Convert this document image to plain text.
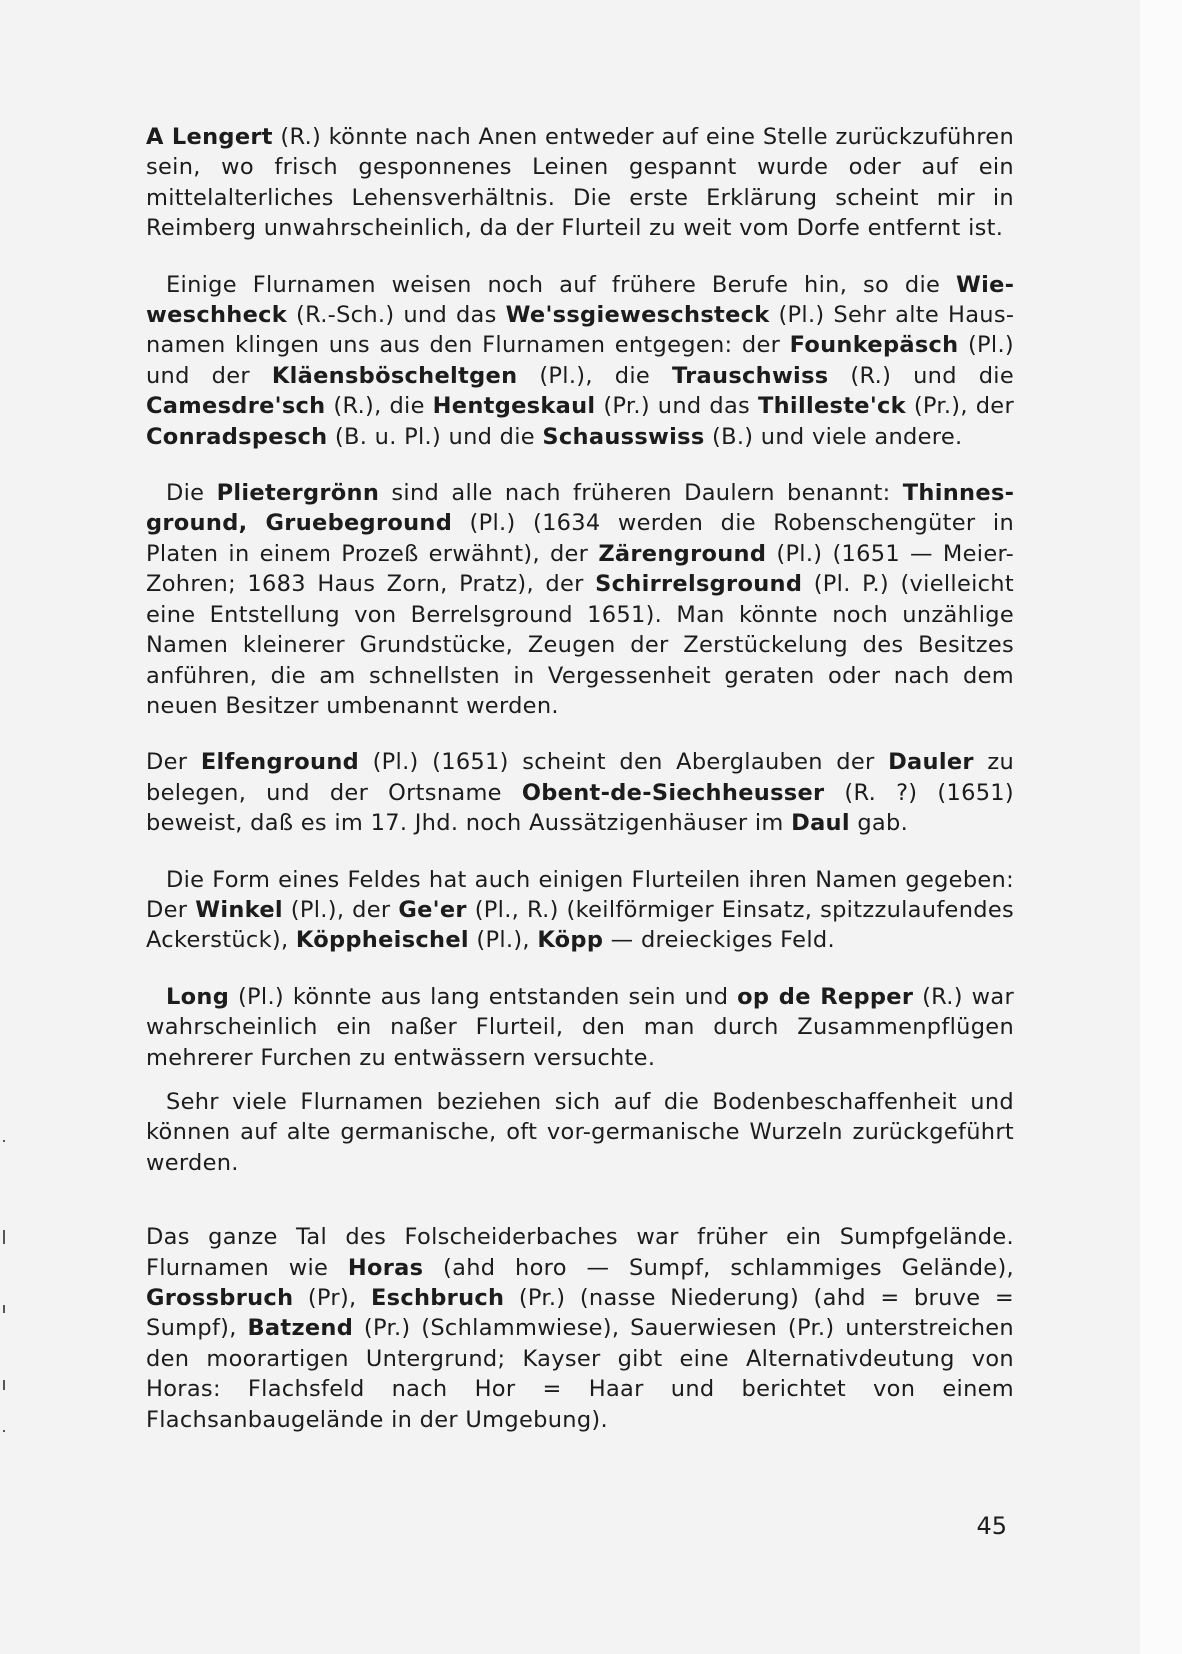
A Lengert (R.) könnte nach Anen entweder auf eine Stelle zurückzuführen sein, wo frisch gesponnenes Leinen gespannt wurde oder auf ein mittelalterliches Lehensverhältnis. Die erste Erklärung scheint mir in Reimberg unwahrscheinlich, da der Flurteil zu weit vom Dorfe entfernt ist.

Einige Flurnamen weisen noch auf frühere Berufe hin, so die Wieweschheck (R.-Sch.) und das We'ssgieweschsteck (Pl.) Sehr alte Hausnamen klingen uns aus den Flurnamen entgegen: der Founkepäsch (Pl.) und der Kläensböscheltgen (Pl.), die Trauschwiss (R.) und die Camesdre'sch (R.), die Hentgeskaul (Pr.) und das Thilleste'ck (Pr.), der Conradspesch (B. u. Pl.) und die Schausswiss (B.) und viele andere.

Die Plietergrönn sind alle nach früheren Daulern benannt: Thinnesground, Gruebeground (Pl.) (1634 werden die Robenschengüter in Platen in einem Prozeß erwähnt), der Zärenground (Pl.) (1651 — Meier-Zohren; 1683 Haus Zorn, Pratz), der Schirrelsground (Pl. P.) (vielleicht eine Entstellung von Berrelsground 1651). Man könnte noch unzählige Namen kleinerer Grundstücke, Zeugen der Zerstückelung des Besitzes anführen, die am schnellsten in Vergessenheit geraten oder nach dem neuen Besitzer umbenannt werden.

Der Elfenground (Pl.) (1651) scheint den Aberglauben der Dauler zu belegen, und der Ortsname Obent-de-Siechheusser (R. ?) (1651) beweist, daß es im 17. Jhd. noch Aussätzigenhäuser im Daul gab.

Die Form eines Feldes hat auch einigen Flurteilen ihren Namen gegeben: Der Winkel (Pl.), der Ge'er (Pl., R.) (keilförmiger Einsatz, spitzzulaufendes Ackerstück), Köppheischel (Pl.), Köpp — dreieckiges Feld.

Long (Pl.) könnte aus lang entstanden sein und op de Repper (R.) war wahrscheinlich ein naßer Flurteil, den man durch Zusammenpflügen mehrerer Furchen zu entwässern versuchte.

Sehr viele Flurnamen beziehen sich auf die Bodenbeschaffenheit und können auf alte germanische, oft vor-germanische Wurzeln zurückgeführt werden.

Das ganze Tal des Folscheiderbaches war früher ein Sumpfgelände. Flurnamen wie Horas (ahd horo — Sumpf, schlammiges Gelände), Grossbruch (Pr), Eschbruch (Pr.) (nasse Niederung) (ahd = bruve = Sumpf), Batzend (Pr.) (Schlammwiese), Sauerwiesen (Pr.) unterstreichen den moorartigen Untergrund; Kayser gibt eine Alternativdeutung von Horas: Flachsfeld nach Hor = Haar und berichtet von einem Flachsanbaugelände in der Umgebung).

45
